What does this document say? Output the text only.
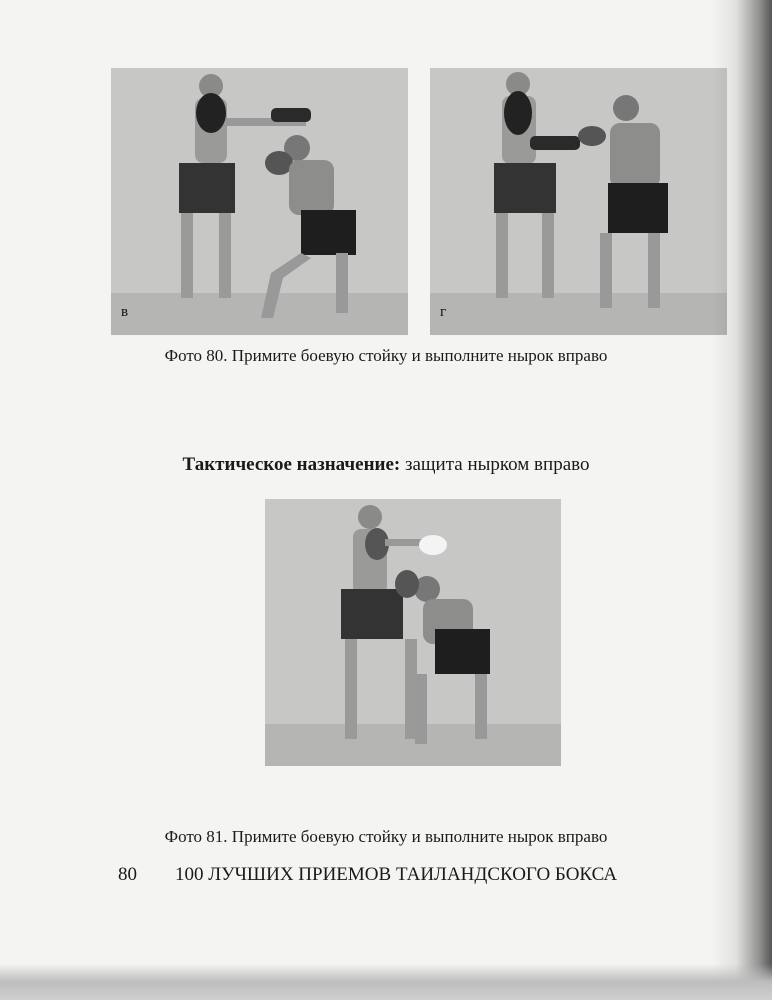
в	г
Фото 80. Примите боевую стойку и выполните нырок вправо
Тактическое назначение: защита нырком вправо
Фото 81. Примите боевую стойку и выполните нырок вправо
80 100 ЛУЧШИХ ПРИЕМОВ ТАИЛАНДСКОГО БОКСА
